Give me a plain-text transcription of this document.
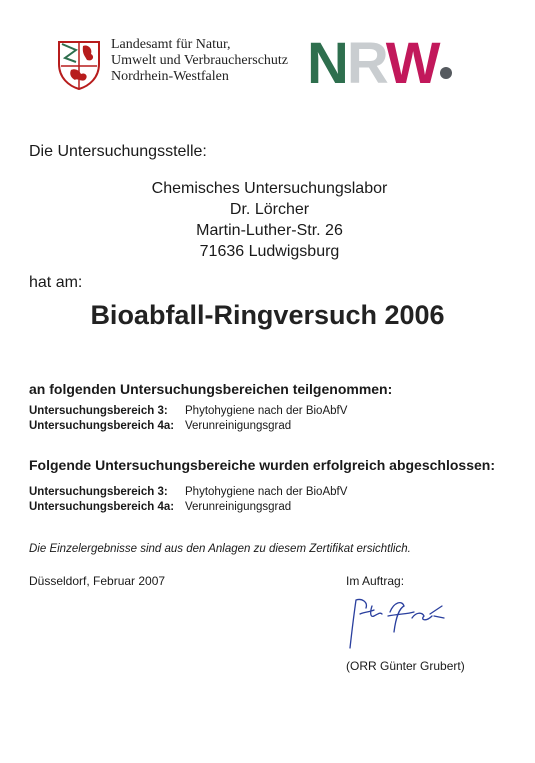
Landesamt für Natur,
Umwelt und Verbraucherschutz
Nordrhein-Westfalen	NRW
Die Untersuchungsstelle:
Chemisches Untersuchungslabor
Dr. Lörcher
Martin-Luther-Str. 26
71636 Ludwigsburg
hat am:
Bioabfall-Ringversuch 2006
an folgenden Untersuchungsbereichen teilgenommen:
Untersuchungsbereich 3: Phytohygiene nach der BioAbfV
Untersuchungsbereich 4a: Verunreinigungsgrad
Folgende Untersuchungsbereiche wurden erfolgreich abgeschlossen:
Untersuchungsbereich 3: Phytohygiene nach der BioAbfV
Untersuchungsbereich 4a: Verunreinigungsgrad
Die Einzelergebnisse sind aus den Anlagen zu diesem Zertifikat ersichtlich.
Düsseldorf, Februar 2007	Im Auftrag:
(ORR Günter Grubert)
